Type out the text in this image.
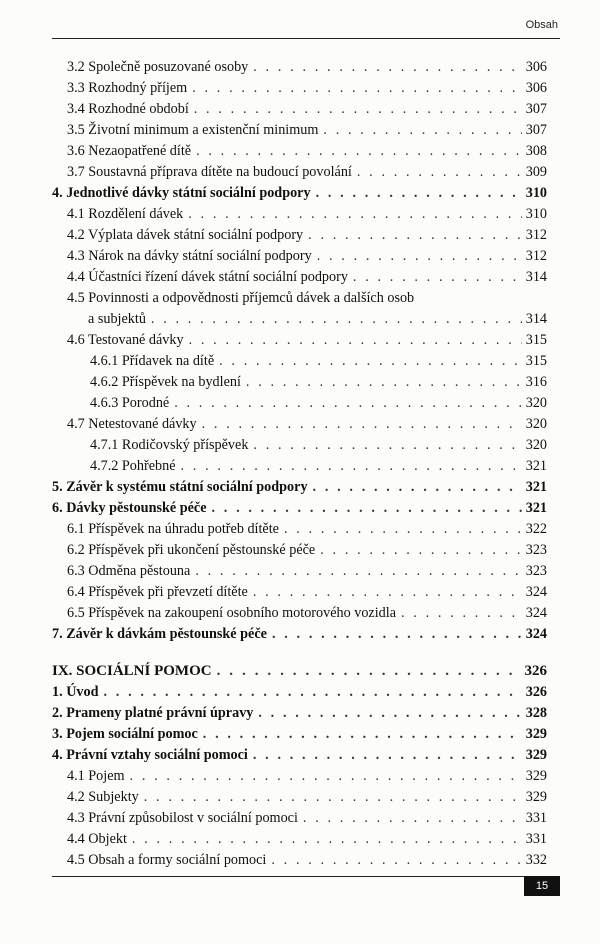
Obsah
3.2 Společně posuzované osoby . . .	306
3.3 Rozhodný příjem . . .	306
3.4 Rozhodné období . . .	307
3.5 Životní minimum a existenční minimum . . .	307
3.6 Nezaopatřené dítě . . .	308
3.7 Soustavná příprava dítěte na budoucí povolání . . .	309
4. Jednotlivé dávky státní sociální podpory . . .	310
4.1 Rozdělení dávek . . .	310
4.2 Výplata dávek státní sociální podpory . . .	312
4.3 Nárok na dávky státní sociální podpory . . .	312
4.4 Účastníci řízení dávek státní sociální podpory . . .	314
4.5 Povinnosti a odpovědnosti příjemců dávek a dalších osob
a subjektů . . .	314
4.6 Testované dávky . . .	315
4.6.1 Přídavek na dítě . . .	315
4.6.2 Příspěvek na bydlení . . .	316
4.6.3 Porodné . . .	320
4.7 Netestované dávky . . .	320
4.7.1 Rodičovský příspěvek . . .	320
4.7.2 Pohřebné . . .	321
5. Závěr k systému státní sociální podpory . . .	321
6. Dávky pěstounské péče . . .	321
6.1 Příspěvek na úhradu potřeb dítěte . . .	322
6.2 Příspěvek při ukončení pěstounské péče . . .	323
6.3 Odměna pěstouna . . .	323
6.4 Příspěvek při převzetí dítěte . . .	324
6.5 Příspěvek na zakoupení osobního motorového vozidla . . .	324
7. Závěr k dávkám pěstounské péče . . .	324
IX. SOCIÁLNÍ POMOC . . .	326
1. Úvod . . .	326
2. Prameny platné právní úpravy . . .	328
3. Pojem sociální pomoc . . .	329
4. Právní vztahy sociální pomoci . . .	329
4.1 Pojem . . .	329
4.2 Subjekty . . .	329
4.3 Právní způsobilost v sociální pomoci . . .	331
4.4 Objekt . . .	331
4.5 Obsah a formy sociální pomoci . . .	332
15
